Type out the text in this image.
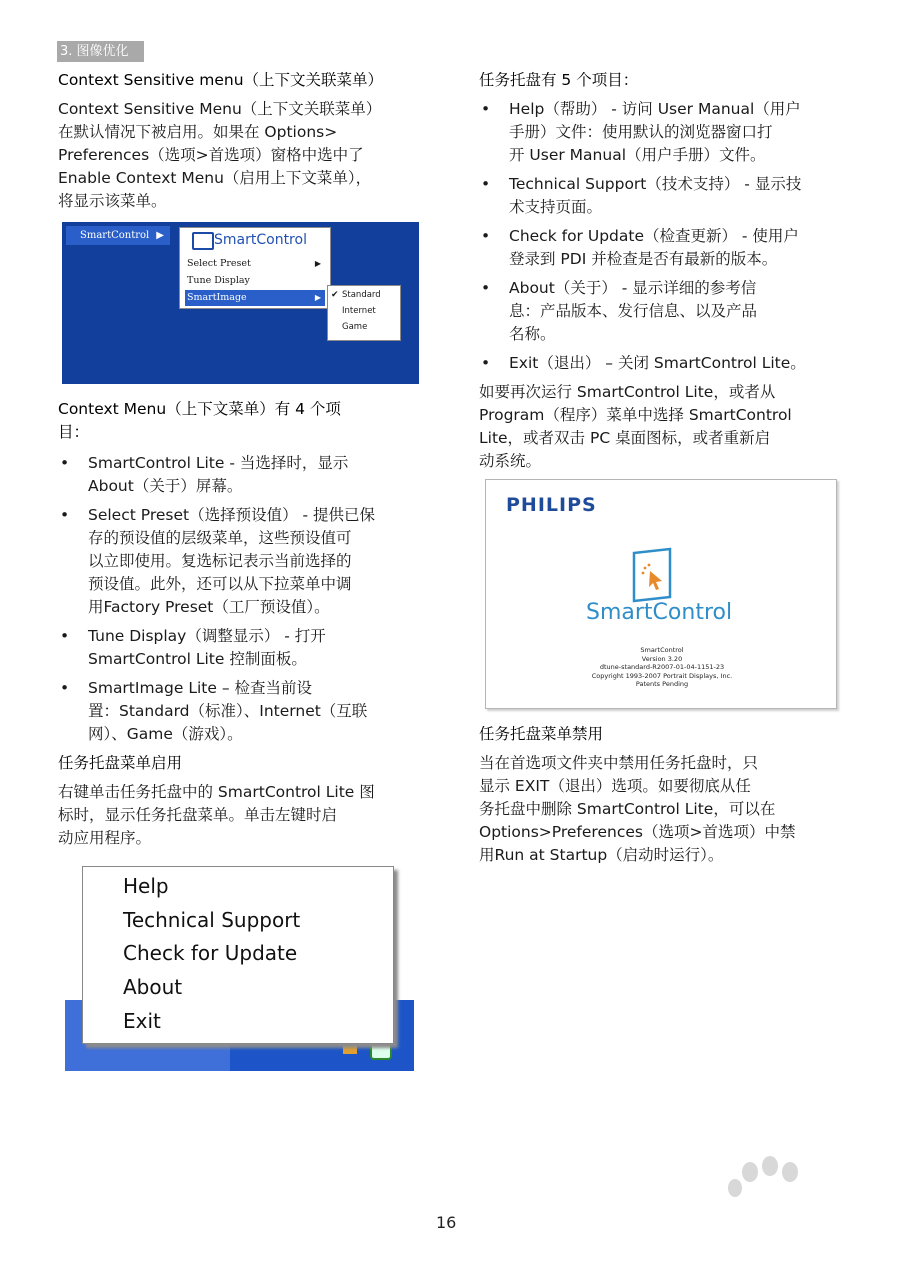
3. 图像优化

Context Sensitive menu（上下文关联菜单）

Context Sensitive Menu（上下文关联菜单）

在默认情况下被启用。如果在 Options>

Preferences（选项>首选项）窗格中选中了

Enable Context Menu（启用上下文菜单），

将显示该菜单。

SmartControl ▶	SmartControl
Select Preset	▶
Tune Display
SmartImage	▶ ✔ Standard
Internet
Game

Context Menu（上下文菜单）有 4 个项

目：

• SmartControl Lite - 当选择时，显示
About（关于）屏幕。
• Select Preset（选择预设值） - 提供已保
存的预设值的层级菜单，这些预设值可
以立即使用。复选标记表示当前选择的
预设值。此外，还可以从下拉菜单中调
用Factory Preset（工厂预设值）。
• Tune Display（调整显示） - 打开
SmartControl Lite 控制面板。
• SmartImage Lite – 检查当前设
置：Standard（标准）、Internet（互联
网）、Game（游戏）。

任务托盘菜单启用

右键单击任务托盘中的 SmartControl Lite 图

标时，显示任务托盘菜单。单击左键时启

动应用程序。

Help
Technical Support
Check for Update
About
Exit

任务托盘有 5 个项目：

• Help（帮助） - 访问 User Manual（用户
手册）文件：使用默认的浏览器窗口打
开 User Manual（用户手册）文件。
• Technical Support（技术支持） - 显示技
术支持页面。
• Check for Update（检查更新） - 使用户
登录到 PDI 并检查是否有最新的版本。
• About（关于） - 显示详细的参考信
息：产品版本、发行信息、以及产品
名称。
• Exit（退出） – 关闭 SmartControl Lite。

如要再次运行 SmartControl Lite，或者从

Program（程序）菜单中选择 SmartControl

Lite，或者双击 PC 桌面图标，或者重新启

动系统。

PHILIPS
SmartControl
SmartControl
Version 3.20
dtune-standard-R2007-01-04-1151-23
Copyright 1993-2007 Portrait Displays, Inc.
Patents Pending

任务托盘菜单禁用

当在首选项文件夹中禁用任务托盘时，只

显示 EXIT（退出）选项。如要彻底从任

务托盘中删除 SmartControl Lite，可以在

Options>Preferences（选项>首选项）中禁

用Run at Startup（启动时运行）。

16
